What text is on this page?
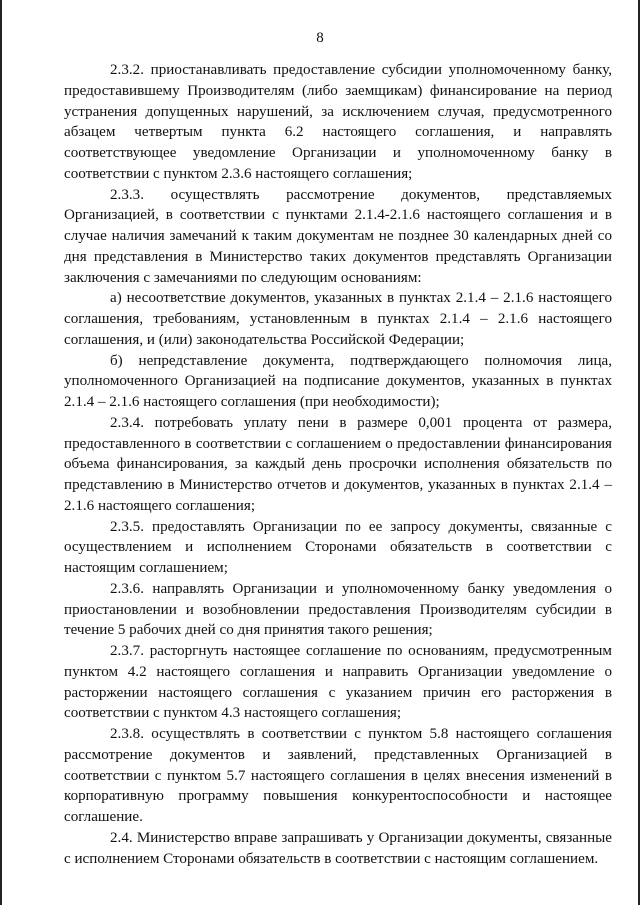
8

2.3.2. приостанавливать предоставление субсидии уполномоченному банку, предоставившему Производителям (либо заемщикам) финансирование на период устранения допущенных нарушений, за исключением случая, предусмотренного абзацем четвертым пункта 6.2 настоящего соглашения, и направлять соответствующее уведомление Организации и уполномоченному банку в соответствии с пунктом 2.3.6 настоящего соглашения;

2.3.3. осуществлять рассмотрение документов, представляемых Организацией, в соответствии с пунктами 2.1.4-2.1.6 настоящего соглашения и в случае наличия замечаний к таким документам не позднее 30 календарных дней со дня представления в Министерство таких документов представлять Организации заключения с замечаниями по следующим основаниям:

а) несоответствие документов, указанных в пунктах 2.1.4 – 2.1.6 настоящего соглашения, требованиям, установленным в пунктах 2.1.4 – 2.1.6 настоящего соглашения, и (или) законодательства Российской Федерации;

б) непредставление документа, подтверждающего полномочия лица, уполномоченного Организацией на подписание документов, указанных в пунктах 2.1.4 – 2.1.6 настоящего соглашения (при необходимости);

2.3.4. потребовать уплату пени в размере 0,001 процента от размера, предоставленного в соответствии с соглашением о предоставлении финансирования объема финансирования, за каждый день просрочки исполнения обязательств по представлению в Министерство отчетов и документов, указанных в пунктах 2.1.4 – 2.1.6 настоящего соглашения;

2.3.5. предоставлять Организации по ее запросу документы, связанные с осуществлением и исполнением Сторонами обязательств в соответствии с настоящим соглашением;

2.3.6. направлять Организации и уполномоченному банку уведомления о приостановлении и возобновлении предоставления Производителям субсидии в течение 5 рабочих дней со дня принятия такого решения;

2.3.7. расторгнуть настоящее соглашение по основаниям, предусмотренным пунктом 4.2 настоящего соглашения и направить Организации уведомление о расторжении настоящего соглашения с указанием причин его расторжения в соответствии с пунктом 4.3 настоящего соглашения;

2.3.8. осуществлять в соответствии с пунктом 5.8 настоящего соглашения рассмотрение документов и заявлений, представленных Организацией в соответствии с пунктом 5.7 настоящего соглашения в целях внесения изменений в корпоративную программу повышения конкурентоспособности и настоящее соглашение.

2.4. Министерство вправе запрашивать у Организации документы, связанные с исполнением Сторонами обязательств в соответствии с настоящим соглашением.
